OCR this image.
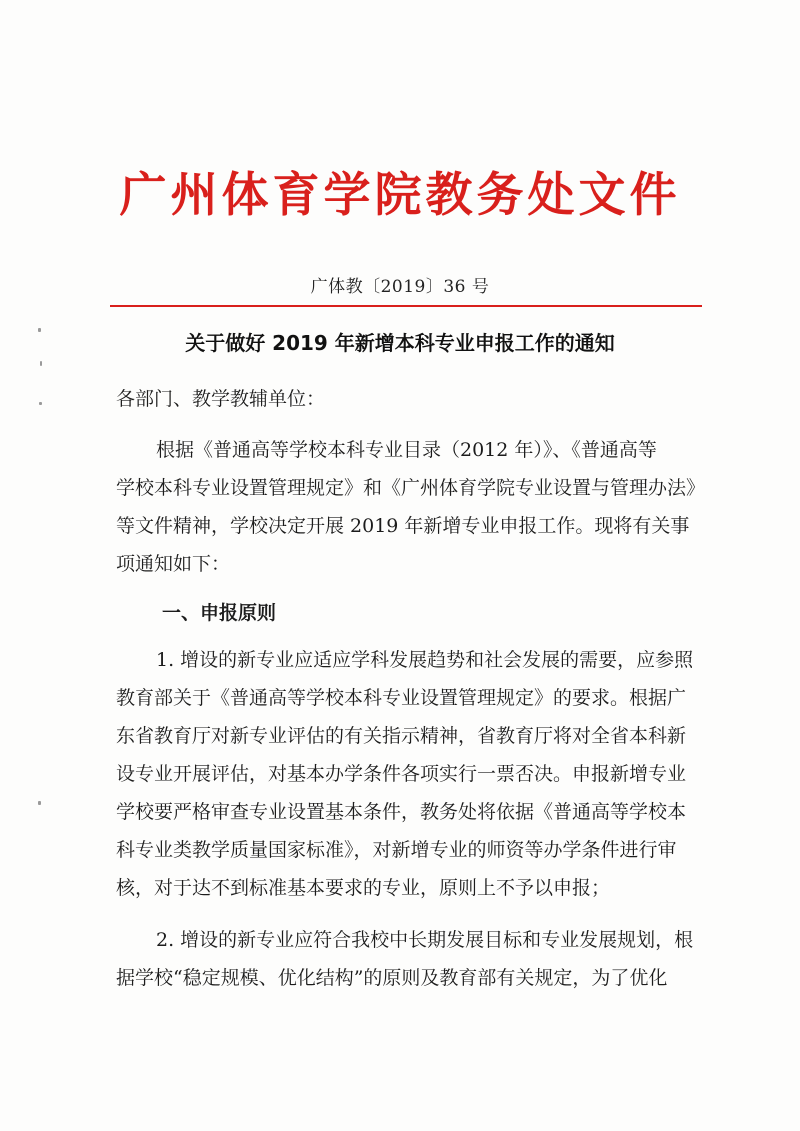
广州体育学院教务处文件
广体教〔2019〕36 号
关于做好 2019 年新增本科专业申报工作的通知
各部门、教学教辅单位：
根据《普通高等学校本科专业目录（2012 年）》、《普通高等
学校本科专业设置管理规定》和《广州体育学院专业设置与管理办法》
等文件精神，学校决定开展 2019 年新增专业申报工作。现将有关事
项通知如下：
一、申报原则
1. 增设的新专业应适应学科发展趋势和社会发展的需要，应参照
教育部关于《普通高等学校本科专业设置管理规定》的要求。根据广
东省教育厅对新专业评估的有关指示精神，省教育厅将对全省本科新
设专业开展评估，对基本办学条件各项实行一票否决。申报新增专业
学校要严格审查专业设置基本条件，教务处将依据《普通高等学校本
科专业类教学质量国家标准》，对新增专业的师资等办学条件进行审
核，对于达不到标准基本要求的专业，原则上不予以申报；
2. 增设的新专业应符合我校中长期发展目标和专业发展规划，根
据学校“稳定规模、优化结构”的原则及教育部有关规定，为了优化
